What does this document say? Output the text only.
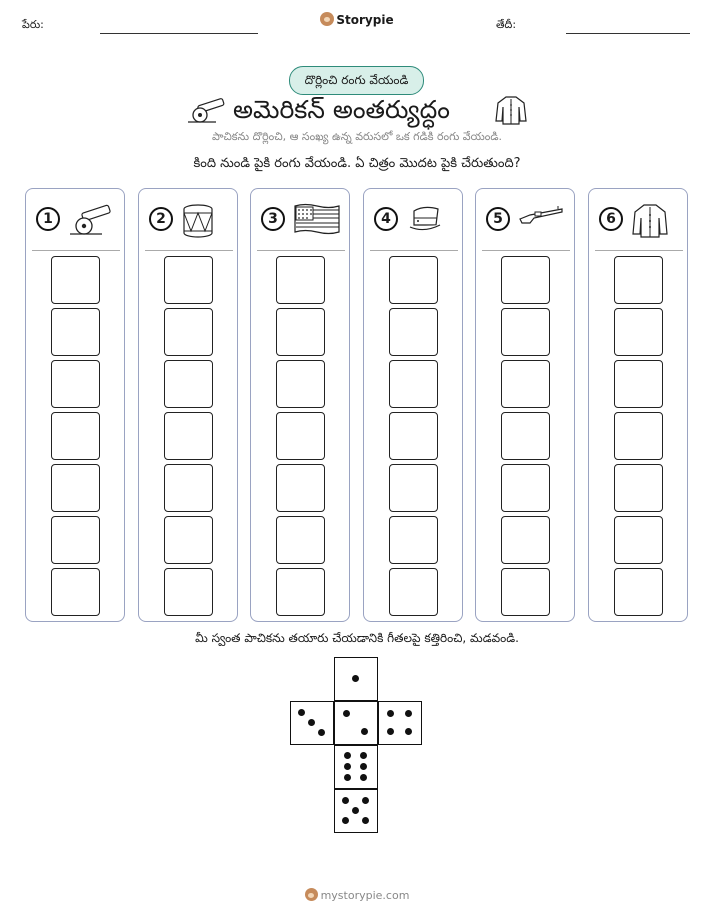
పేరు:	Storypie	తేదీ:
దొర్లించి రంగు వేయండి
అమెరికన్ అంతర్యుద్ధం
పాచికను దొర్లించి, ఆ సంఖ్య ఉన్న వరుసలో ఒక గడికి రంగు వేయండి.
కింది నుండి పైకి రంగు వేయండి. ఏ చిత్రం మొదట పైకి చేరుతుంది?
1	2	3	4	5	6
మీ స్వంత పాచికను తయారు చేయడానికి గీతలపై కత్తిరించి, మడవండి.
mystorypie.com
